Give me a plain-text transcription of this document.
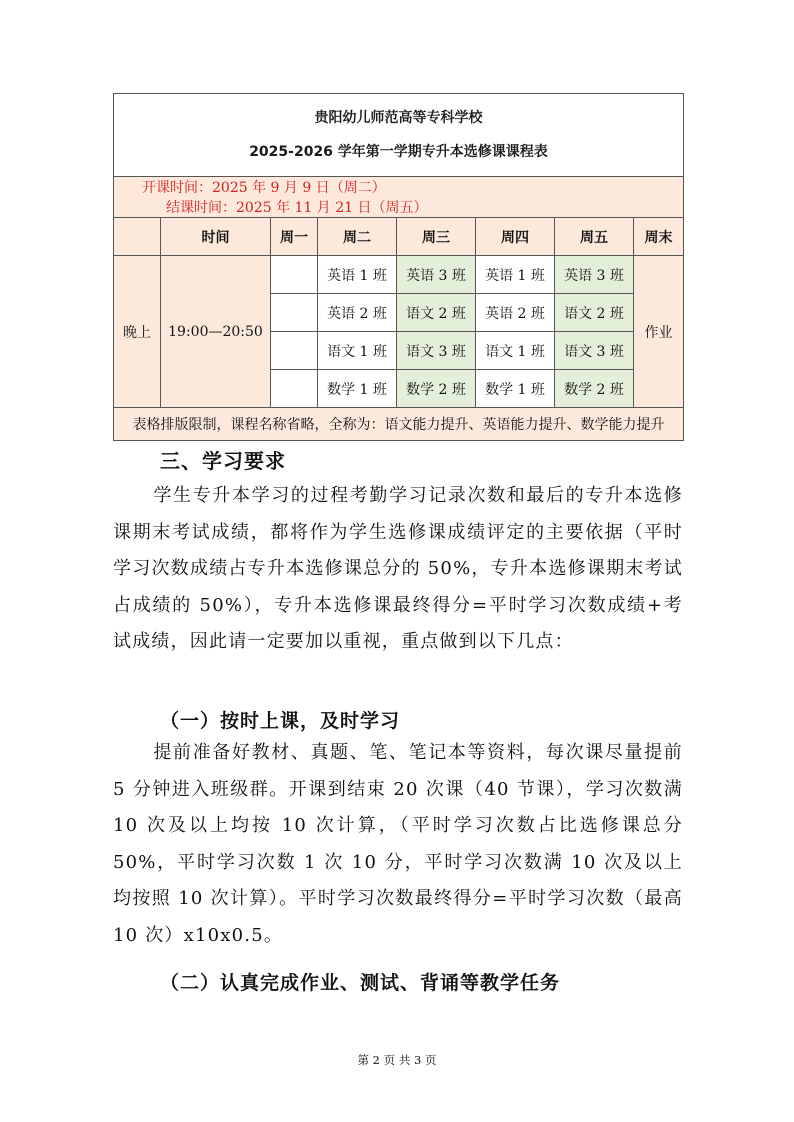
贵阳幼儿师范高等专科学校
2025-2026 学年第一学期专升本选修课课程表							

开课时间：2025 年 9 月 9 日（周二） 结课时间：2025 年 11 月 21 日（周五）							
	时间	周一	周二	周三	周四	周五	周末
晚上	19:00—20:50		英语 1 班	英语 3 班	英语 1 班	英语 3 班	作业
			英语 2 班	语文 2 班	英语 2 班	语文 2 班	
			语文 1 班	语文 3 班	语文 1 班	语文 3 班	
			数学 1 班	数学 2 班	数学 1 班	数学 2 班	
表格排版限制，课程名称省略，全称为：语文能力提升、英语能力提升、数学能力提升							
三、学习要求
学生专升本学习的过程考勤学习记录次数和最后的专升本选修课期末考试成绩，都将作为学生选修课成绩评定的主要依据（平时学习次数成绩占专升本选修课总分的 50%，专升本选修课期末考试占成绩的 50%），专升本选修课最终得分=平时学习次数成绩+考试成绩，因此请一定要加以重视，重点做到以下几点：
（一）按时上课，及时学习
提前准备好教材、真题、笔、笔记本等资料，每次课尽量提前 5 分钟进入班级群。开课到结束 20 次课（40 节课），学习次数满 10 次及以上均按 10 次计算，（平时学习次数占比选修课总分 50%，平时学习次数 1 次 10 分，平时学习次数满 10 次及以上均按照 10 次计算）。平时学习次数最终得分=平时学习次数（最高 10 次）x10x0.5。
（二）认真完成作业、测试、背诵等教学任务
第 2 页 共 3 页
